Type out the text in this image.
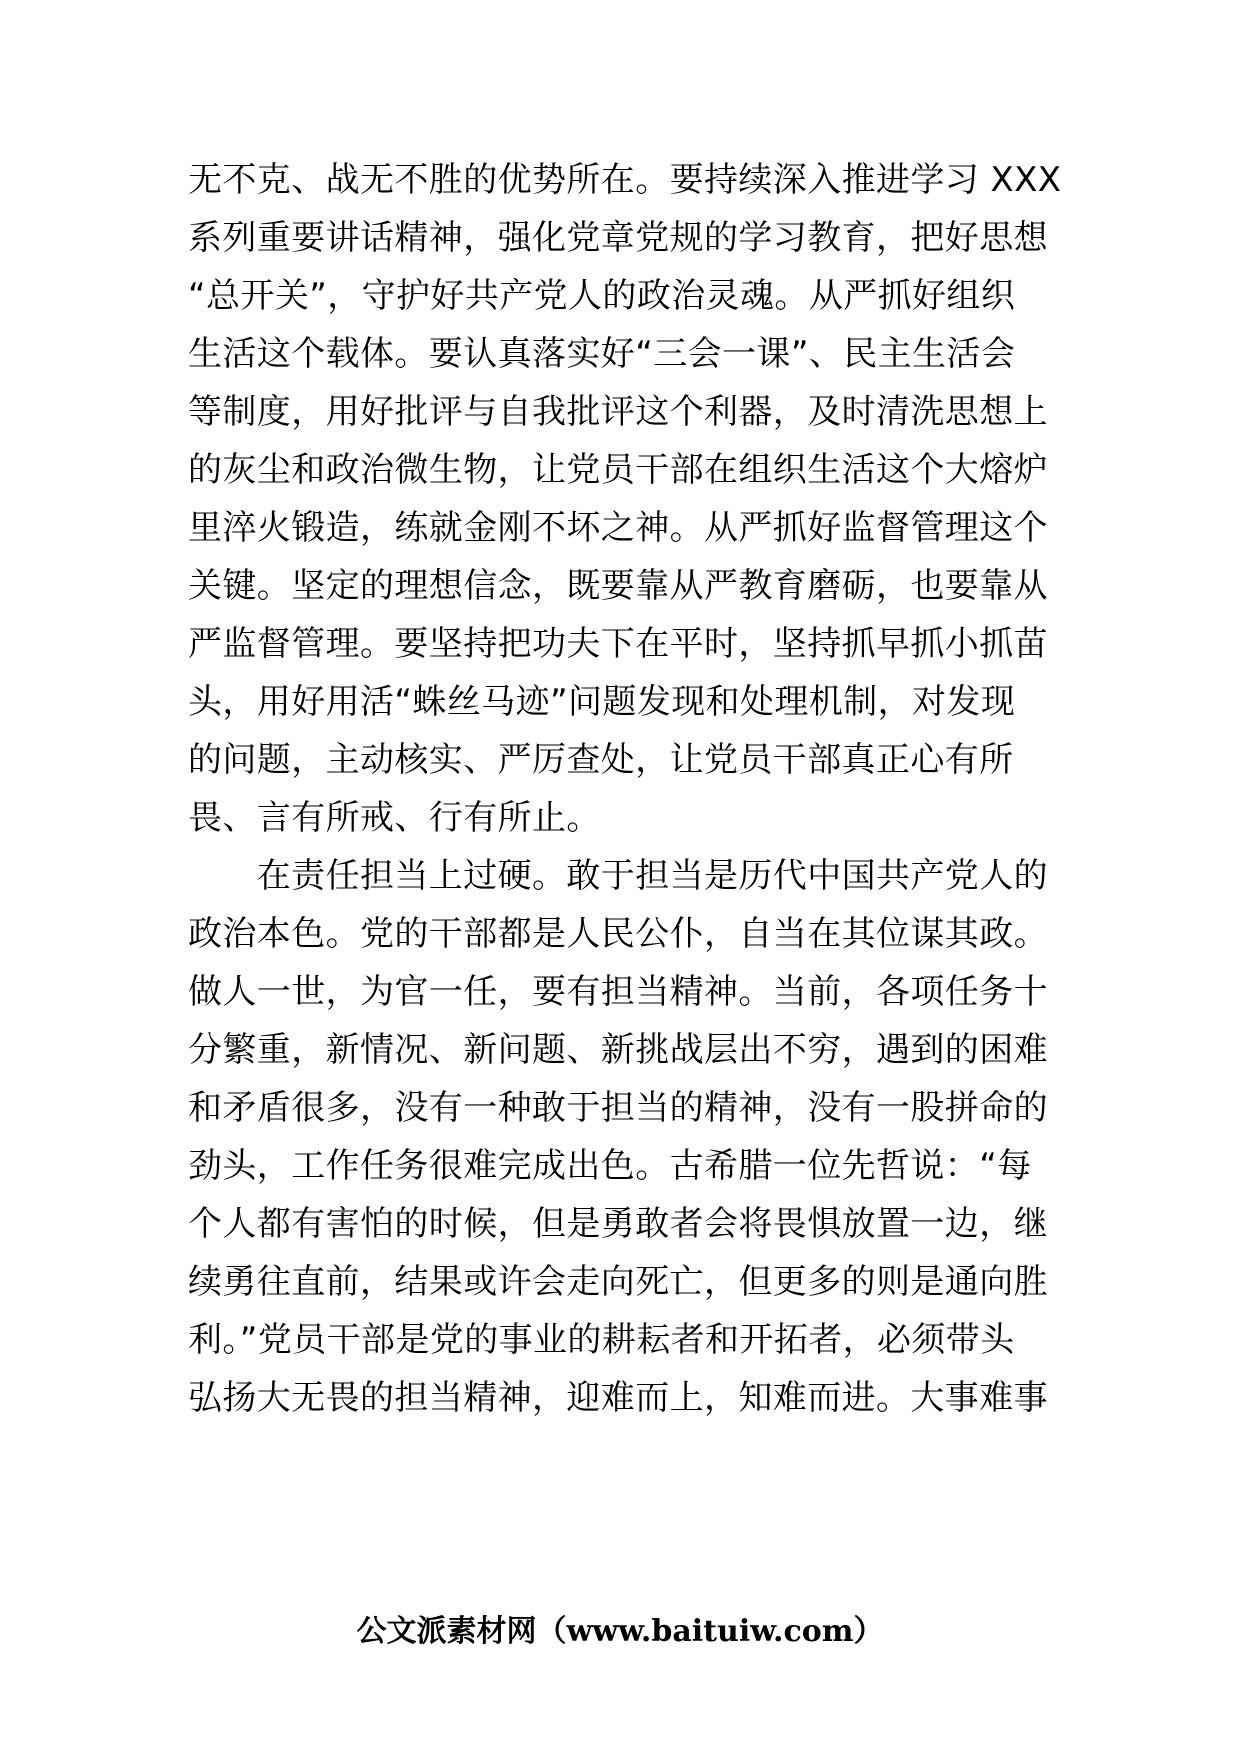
无不克、战无不胜的优势所在。要持续深入推进学习 XXX
系列重要讲话精神，强化党章党规的学习教育，把好思想
“总开关”，守护好共产党人的政治灵魂。从严抓好组织
生活这个载体。要认真落实好“三会一课”、民主生活会
等制度，用好批评与自我批评这个利器，及时清洗思想上
的灰尘和政治微生物，让党员干部在组织生活这个大熔炉
里淬火锻造，练就金刚不坏之神。从严抓好监督管理这个
关键。坚定的理想信念，既要靠从严教育磨砺，也要靠从
严监督管理。要坚持把功夫下在平时，坚持抓早抓小抓苗
头，用好用活“蛛丝马迹”问题发现和处理机制，对发现
的问题，主动核实、严厉查处，让党员干部真正心有所
畏、言有所戒、行有所止。
　　在责任担当上过硬。敢于担当是历代中国共产党人的
政治本色。党的干部都是人民公仆，自当在其位谋其政。
做人一世，为官一任，要有担当精神。当前，各项任务十
分繁重，新情况、新问题、新挑战层出不穷，遇到的困难
和矛盾很多，没有一种敢于担当的精神，没有一股拼命的
劲头，工作任务很难完成出色。古希腊一位先哲说：“每
个人都有害怕的时候，但是勇敢者会将畏惧放置一边，继
续勇往直前，结果或许会走向死亡，但更多的则是通向胜
利。”党员干部是党的事业的耕耘者和开拓者，必须带头
弘扬大无畏的担当精神，迎难而上，知难而进。大事难事
公文派素材网（www.baituiw.com）
